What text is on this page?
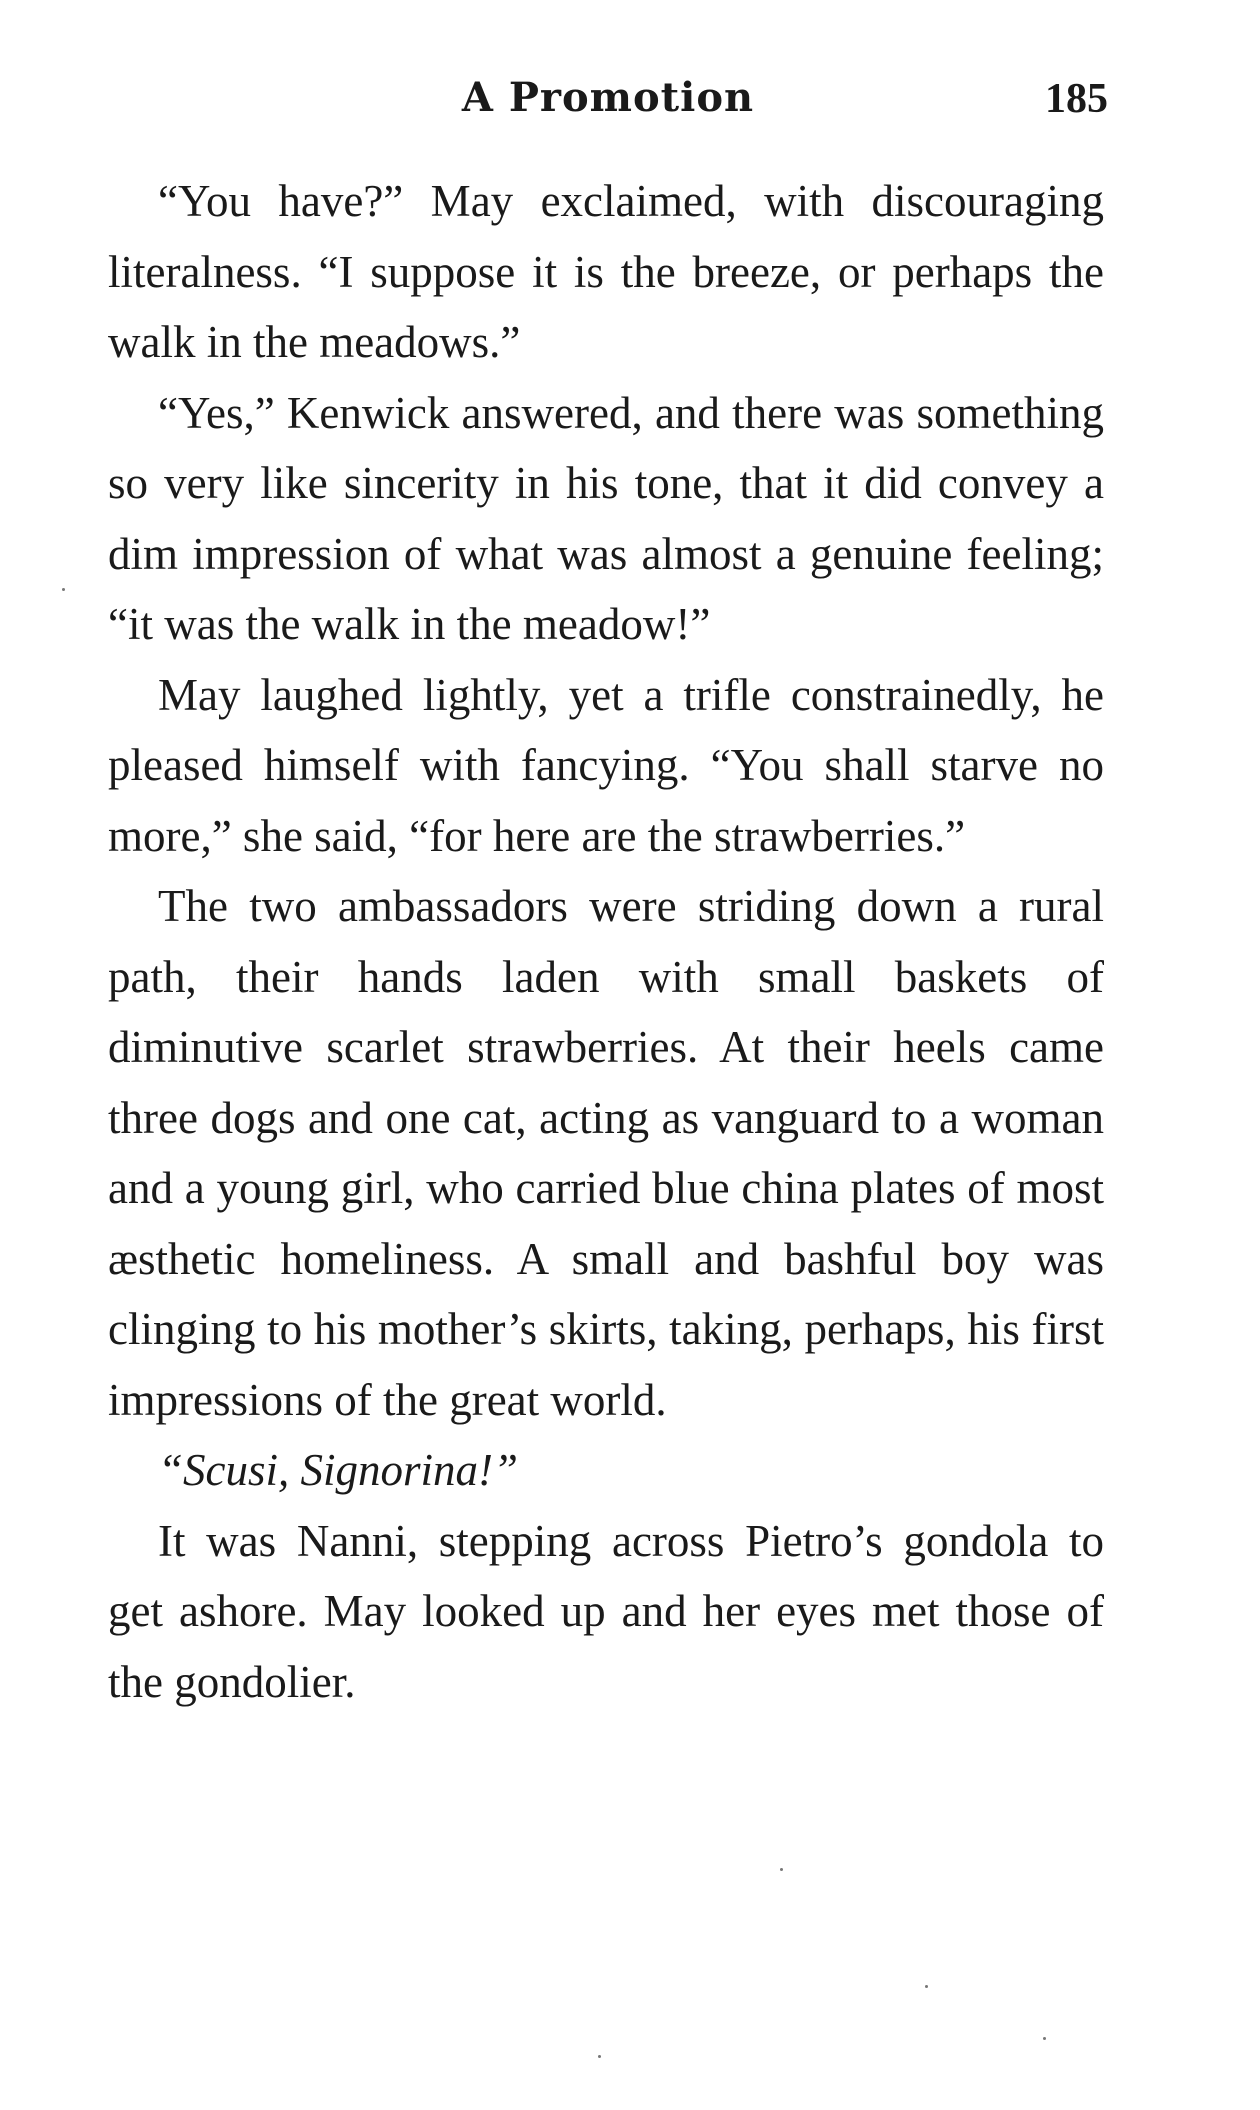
A Promotion	185

“You have?” May exclaimed, with discouraging literalness. “I suppose it is the breeze, or perhaps the walk in the meadows.”

“Yes,” Kenwick answered, and there was something so very like sincerity in his tone, that it did convey a dim impression of what was almost a genuine feeling; “it was the walk in the meadow!”

May laughed lightly, yet a trifle constrainedly, he pleased himself with fancying. “You shall starve no more,” she said, “for here are the strawberries.”

The two ambassadors were striding down a rural path, their hands laden with small baskets of diminutive scarlet strawberries. At their heels came three dogs and one cat, acting as vanguard to a woman and a young girl, who carried blue china plates of most æsthetic homeliness. A small and bashful boy was clinging to his mother’s skirts, taking, perhaps, his first impressions of the great world.

“Scusi, Signorina!”

It was Nanni, stepping across Pietro’s gondola to get ashore. May looked up and her eyes met those of the gondolier.
